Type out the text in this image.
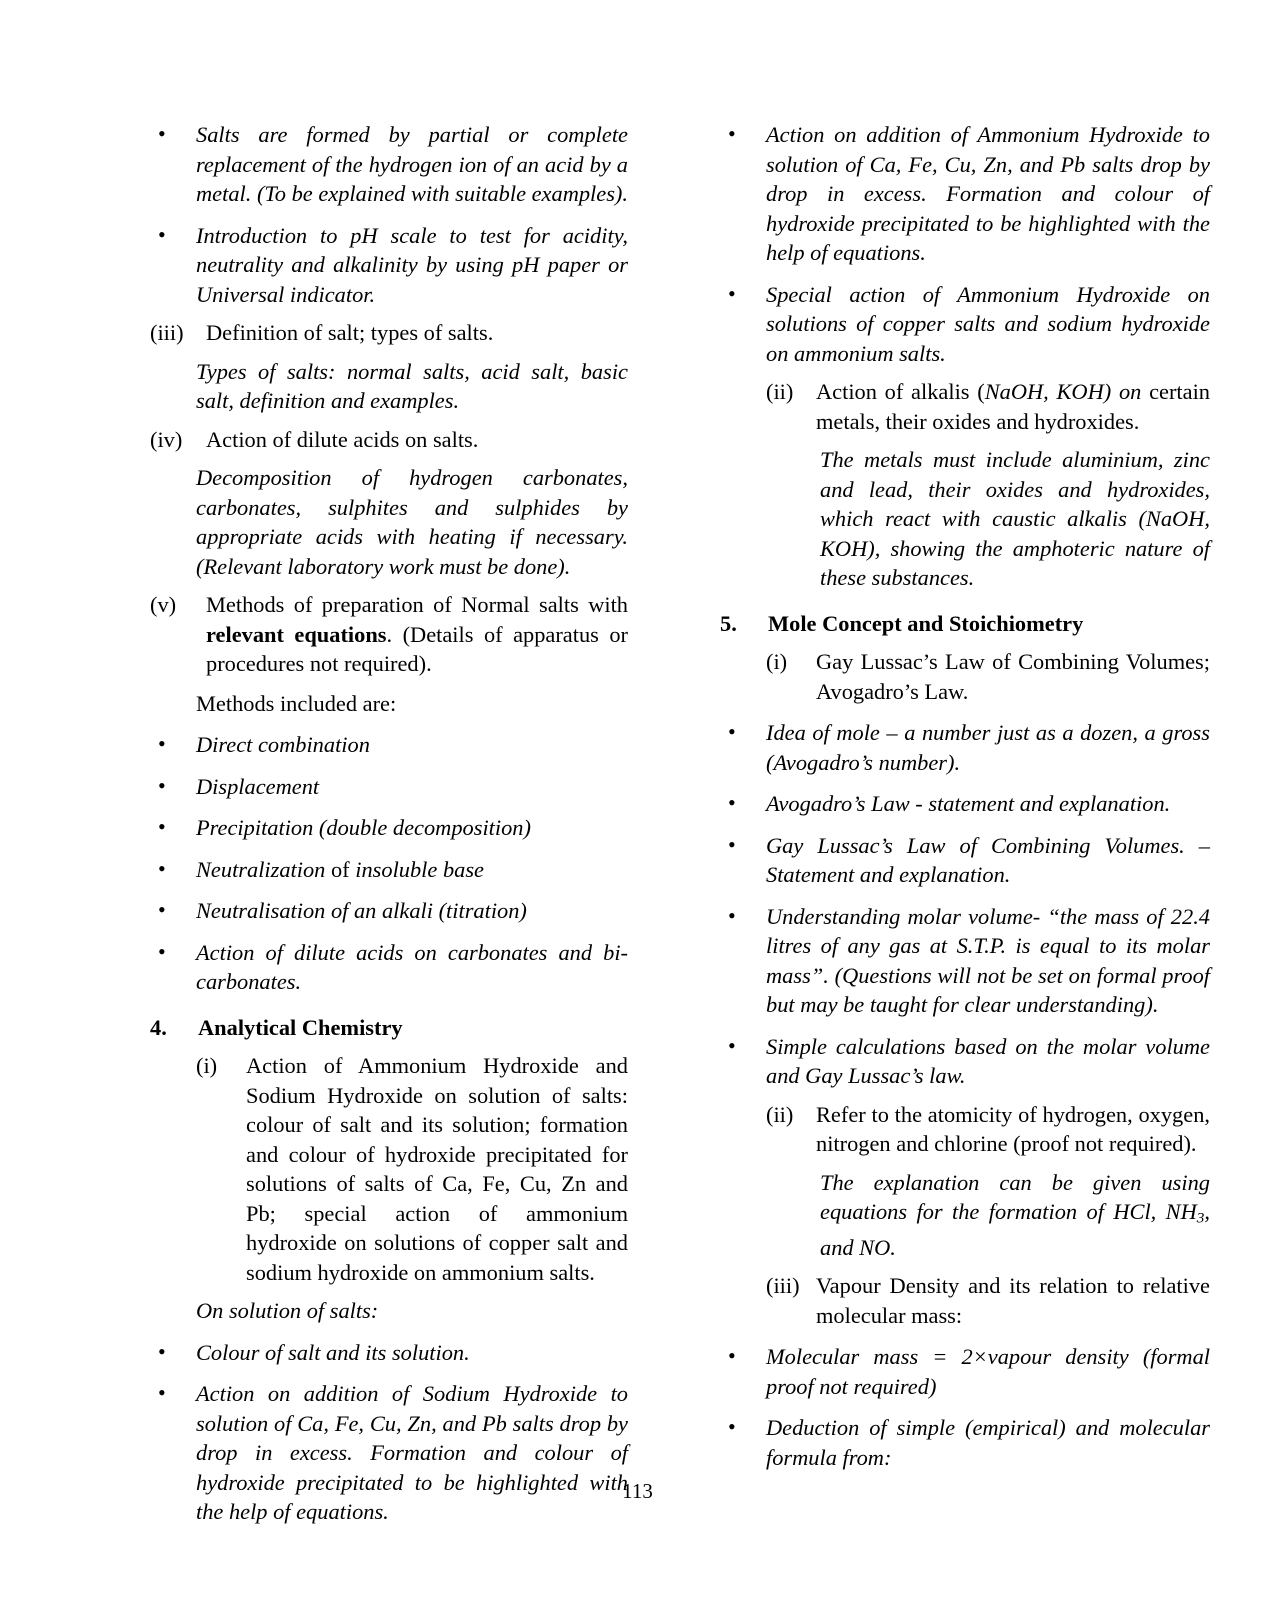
• Salts are formed by partial or complete replacement of the hydrogen ion of an acid by a metal. (To be explained with suitable examples).
• Introduction to pH scale to test for acidity, neutrality and alkalinity by using pH paper or Universal indicator.
(iii)	Definition of salt; types of salts.
Types of salts: normal salts, acid salt, basic salt, definition and examples.
(iv)	Action of dilute acids on salts.
Decomposition of hydrogen carbonates, carbonates, sulphites and sulphides by appropriate acids with heating if necessary. (Relevant laboratory work must be done).
(v)	Methods of preparation of Normal salts with relevant equations. (Details of apparatus or procedures not required).
Methods included are:
• Direct combination
• Displacement
• Precipitation (double decomposition)
• Neutralization of insoluble base
• Neutralisation of an alkali (titration)
• Action of dilute acids on carbonates and bi-carbonates.
4.	Analytical Chemistry
(i)	Action of Ammonium Hydroxide and Sodium Hydroxide on solution of salts: colour of salt and its solution; formation and colour of hydroxide precipitated for solutions of salts of Ca, Fe, Cu, Zn and Pb; special action of ammonium hydroxide on solutions of copper salt and sodium hydroxide on ammonium salts.
On solution of salts:
• Colour of salt and its solution.
• Action on addition of Sodium Hydroxide to solution of Ca, Fe, Cu, Zn, and Pb salts drop by drop in excess. Formation and colour of hydroxide precipitated to be highlighted with the help of equations.
• Action on addition of Ammonium Hydroxide to solution of Ca, Fe, Cu, Zn, and Pb salts drop by drop in excess. Formation and colour of hydroxide precipitated to be highlighted with the help of equations.
• Special action of Ammonium Hydroxide on solutions of copper salts and sodium hydroxide on ammonium salts.
(ii)	Action of alkalis (NaOH, KOH) on certain metals, their oxides and hydroxides.
The metals must include aluminium, zinc and lead, their oxides and hydroxides, which react with caustic alkalis (NaOH, KOH), showing the amphoteric nature of these substances.
5.	Mole Concept and Stoichiometry
(i)	Gay Lussac’s Law of Combining Volumes; Avogadro’s Law.
• Idea of mole – a number just as a dozen, a gross (Avogadro’s number).
• Avogadro’s Law - statement and explanation.
• Gay Lussac’s Law of Combining Volumes. – Statement and explanation.
• Understanding molar volume- “the mass of 22.4 litres of any gas at S.T.P. is equal to its molar mass”. (Questions will not be set on formal proof but may be taught for clear understanding).
• Simple calculations based on the molar volume and Gay Lussac’s law.
(ii)	Refer to the atomicity of hydrogen, oxygen, nitrogen and chlorine (proof not required).
The explanation can be given using equations for the formation of HCl, $NH_3$, and NO.
(iii) Vapour Density and its relation to relative molecular mass:
• Molecular mass = 2×vapour density (formal proof not required)
• Deduction of simple (empirical) and molecular formula from:
113
